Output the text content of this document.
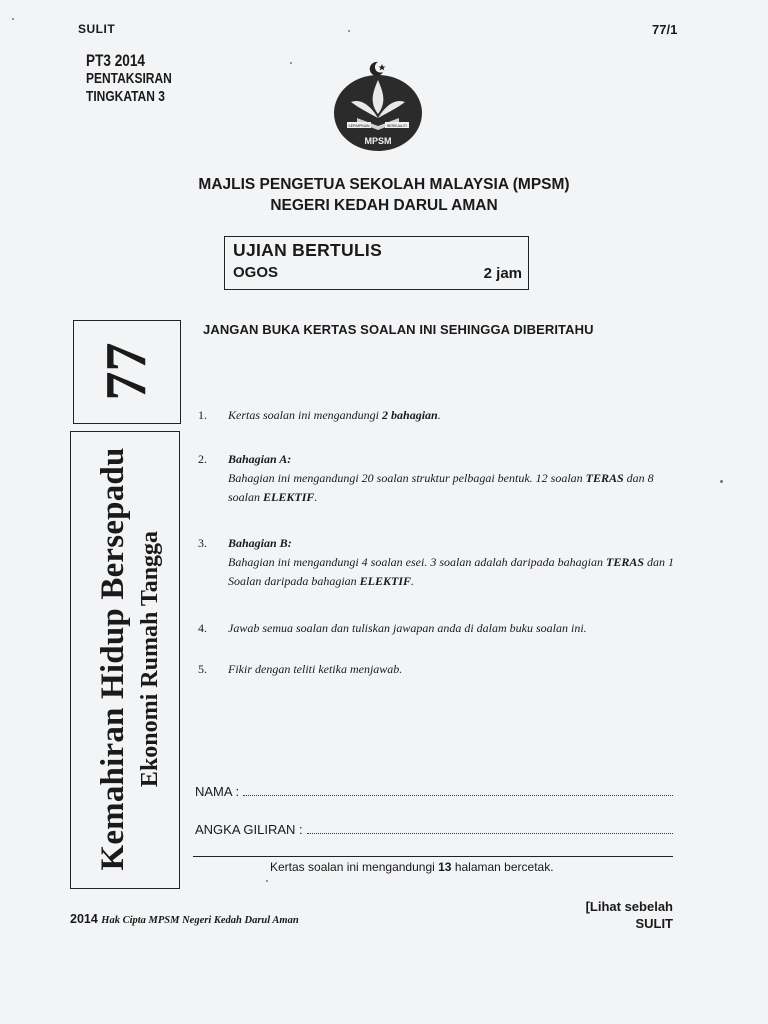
SULIT	77/1
PT3 2014
PENTAKSIRAN
TINGKATAN 3
KEPIMPINAN	BERKUALITI
MPSM
MAJLIS PENGETUA SEKOLAH MALAYSIA (MPSM)
NEGERI KEDAH DARUL AMAN
UJIAN BERTULIS
OGOS	2 jam
77
Kemahiran Hidup Bersepadu Ekonomi Rumah Tangga
JANGAN BUKA KERTAS SOALAN INI SEHINGGA DIBERITAHU
1. Kertas soalan ini mengandungi 2 bahagian.
2. Bahagian A:
Bahagian ini mengandungi 20 soalan struktur pelbagai bentuk. 12 soalan TERAS dan 8 soalan ELEKTIF.
3. Bahagian B:
Bahagian ini mengandungi 4 soalan esei. 3 soalan adalah daripada bahagian TERAS dan 1 Soalan daripada bahagian ELEKTIF.
4. Jawab semua soalan dan tuliskan jawapan anda di dalam buku soalan ini.
5. Fikir dengan teliti ketika menjawab.
NAMA :
ANGKA GILIRAN :
Kertas soalan ini mengandungi 13 halaman bercetak.
2014 Hak Cipta MPSM Negeri Kedah Darul Aman
[Lihat sebelah
SULIT
